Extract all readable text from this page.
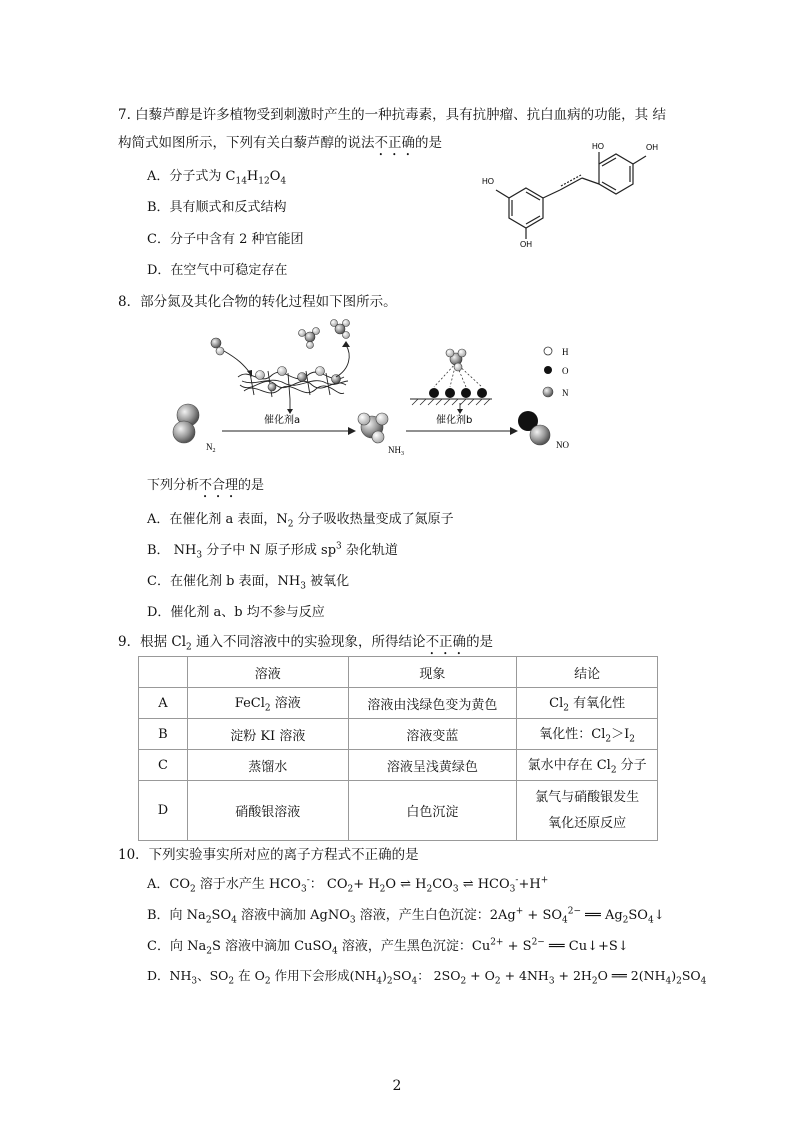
7. 白藜芦醇是许多植物受到刺激时产生的一种抗毒素，具有抗肿瘤、抗白血病的功能，其 结
构简式如图所示，下列有关白藜芦醇的说法不正确的是
A．分子式为 $C_{14}H_{12}O_4$
B．具有顺式和反式结构
C．分子中含有 2 种官能团
D．在空气中可稳定存在
HO	OH
HO
OH
8．部分氮及其化合物的转化过程如下图所示。
$N_2$
催化剂a
$NH_3$
催化剂b
NO
H
O
N
下列分析不合理的是
A．在催化剂 a 表面，$N_2$ 分子吸收热量变成了氮原子
B． $NH_3$ 分子中 N 原子形成 $sp^3$ 杂化轨道
C．在催化剂 b 表面，$NH_3$ 被氧化
D．催化剂 a、b 均不参与反应
9．根据 $Cl_2$ 通入不同溶液中的实验现象，所得结论不正确的是
	溶液	现象	结论
A	FeCl$_2$ 溶液	溶液由浅绿色变为黄色	$Cl_2$ 有氧化性
B	淀粉 KI 溶液	溶液变蓝	氧化性：$Cl_2>I_2$
C	蒸馏水	溶液呈浅黄绿色	氯水中存在 $Cl_2$ 分子
D	硝酸银溶液	白色沉淀	氯气与硝酸银发生
氧化还原反应
10．下列实验事实所对应的离子方程式不正确的是
A．$CO_2$ 溶于水产生 $HCO_3^-$： $CO_2+ H_2O$ ⇌ $H_2CO_3$ ⇌ $HCO_3^-+H^+$
B．向 $Na_2SO_4$ 溶液中滴加 AgNO$_3$ 溶液，产生白色沉淀：$2Ag^+ + SO_4^{2-}$ ══ $Ag_2SO_4↓$
C．向 $Na_2S$ 溶液中滴加 CuSO$_4$ 溶液，产生黑色沉淀：$Cu^{2+} + S^{2-}$ ══ Cu↓+S↓
D．$NH_3$、$SO_2$ 在 $O_2$ 作用下会形成$(NH_4)_2SO_4$： $2SO_2 + O_2 + 4NH_3 + 2H_2O$ ══ $2(NH_4)_2SO_4$
2
